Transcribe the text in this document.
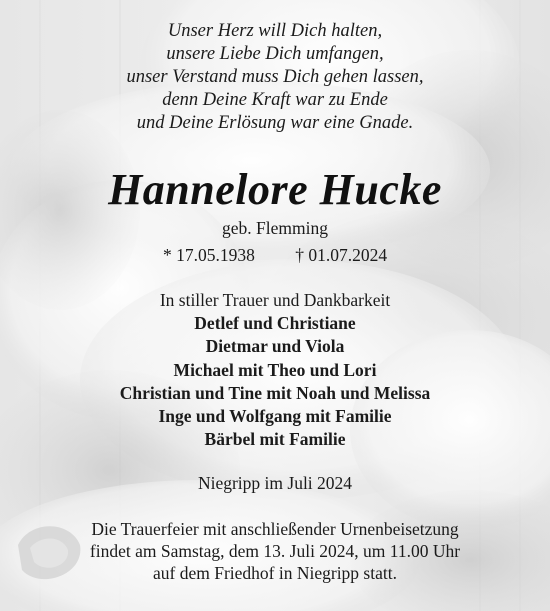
Unser Herz will Dich halten,
unsere Liebe Dich umfangen,
unser Verstand muss Dich gehen lassen,
denn Deine Kraft war zu Ende
und Deine Erlösung war eine Gnade.
Hannelore Hucke
geb. Flemming
* 17.05.1938 † 01.07.2024
In stiller Trauer und Dankbarkeit
Detlef und Christiane
Dietmar und Viola
Michael mit Theo und Lori
Christian und Tine mit Noah und Melissa
Inge und Wolfgang mit Familie
Bärbel mit Familie
Niegripp im Juli 2024
Die Trauerfeier mit anschließender Urnenbeisetzung
findet am Samstag, dem 13. Juli 2024, um 11.00 Uhr
auf dem Friedhof in Niegripp statt.
